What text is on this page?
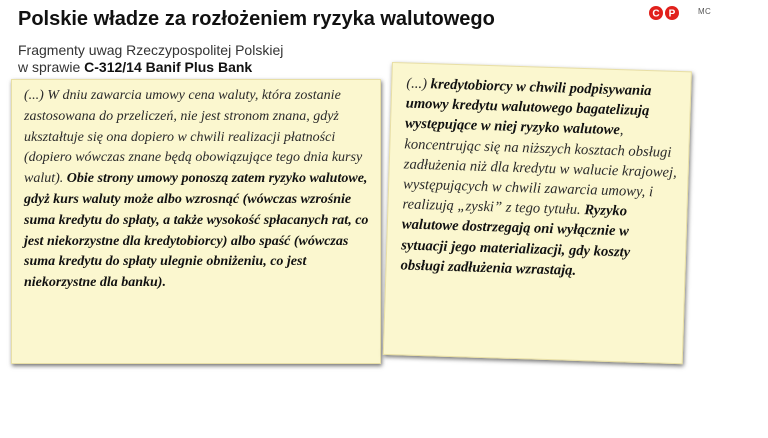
Polskie władze za rozłożeniem ryzyka walutowego
Fragmenty uwag Rzeczypospolitej Polskiej
w sprawie C-312/14 Banif Plus Bank
C P	MC
(...) W dniu zawarcia umowy cena waluty, która zostanie zastosowana do przeliczeń, nie jest stronom znana, gdyż ukształtuje się ona dopiero w chwili realizacji płatności (dopiero wówczas znane będą obowiązujące tego dnia kursy walut). Obie strony umowy ponoszą zatem ryzyko walutowe, gdyż kurs waluty może albo wzrosnąć (wówczas wzrośnie suma kredytu do spłaty, a także wysokość spłacanych rat, co jest niekorzystne dla kredytobiorcy) albo spaść (wówczas suma kredytu do spłaty ulegnie obniżeniu, co jest niekorzystne dla banku).
(...) kredytobiorcy w chwili podpisywania umowy kredytu walutowego bagatelizują występujące w niej ryzyko walutowe, koncentrując się na niższych kosztach obsługi zadłużenia niż dla kredytu w walucie krajowej, występujących w chwili zawarcia umowy, i realizują „zyski” z tego tytułu. Ryzyko walutowe dostrzegają oni wyłącznie w sytuacji jego materializacji, gdy koszty obsługi zadłużenia wzrastają.
